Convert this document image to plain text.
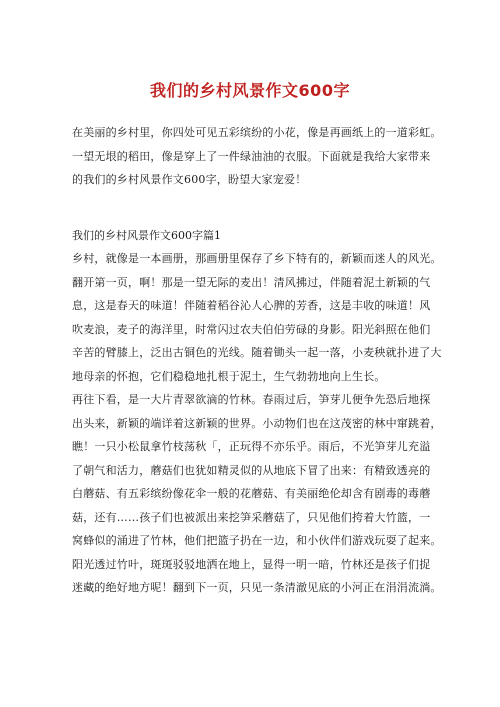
我们的乡村风景作文600字
在美丽的乡村里，你四处可见五彩缤纷的小花，像是再画纸上的一道彩虹。
一望无垠的稻田，像是穿上了一件绿油油的衣服。下面就是我给大家带来
的我们的乡村风景作文600字，盼望大家宠爱！
我们的乡村风景作文600字篇1
乡村，就像是一本画册，那画册里保存了乡下特有的，新颖而迷人的风光。
翻开第一页，啊！那是一望无际的麦出！清风拂过，伴随着泥土新颖的气
息，这是春天的味道！伴随着稻谷沁人心脾的芳香，这是丰收的味道！风
吹麦浪，麦子的海洋里，时常闪过农夫伯伯劳碌的身影。阳光斜照在他们
辛苦的臂膝上，泛出古铜色的光线。随着锄头一起一落，小麦秧就扑进了大
地母亲的怀抱，它们稳稳地扎根于泥土，生气勃勃地向上生长。
再往下看，是一大片青翠欲滴的竹林。春雨过后，笋芽儿便争先恐后地探
出头来，新颖的端详着这新颖的世界。小动物们也在这茂密的林中窜跳着，
瞧！一只小松鼠拿竹枝荡秋「，正玩得不亦乐乎。雨后，不光笋芽儿充溢
了朝气和活力，蘑菇们也犹如精灵似的从地底下冒了出来：有精致透亮的
白蘑菇、有五彩缤纷像花伞一般的花蘑菇、有美丽绝伦却含有剧毒的毒蘑
菇，还有……孩子们也被派出来挖笋采蘑菇了，只见他们挎着大竹篮，一
窝蜂似的涌进了竹林，他们把篮子扔在一边，和小伙伴们游戏玩耍了起来。
阳光透过竹叶，斑斑驳驳地洒在地上，显得一明一暗，竹林还是孩子们捉
迷藏的绝好地方呢！翻到下一页，只见一条清澈见底的小河正在涓涓流淌。
